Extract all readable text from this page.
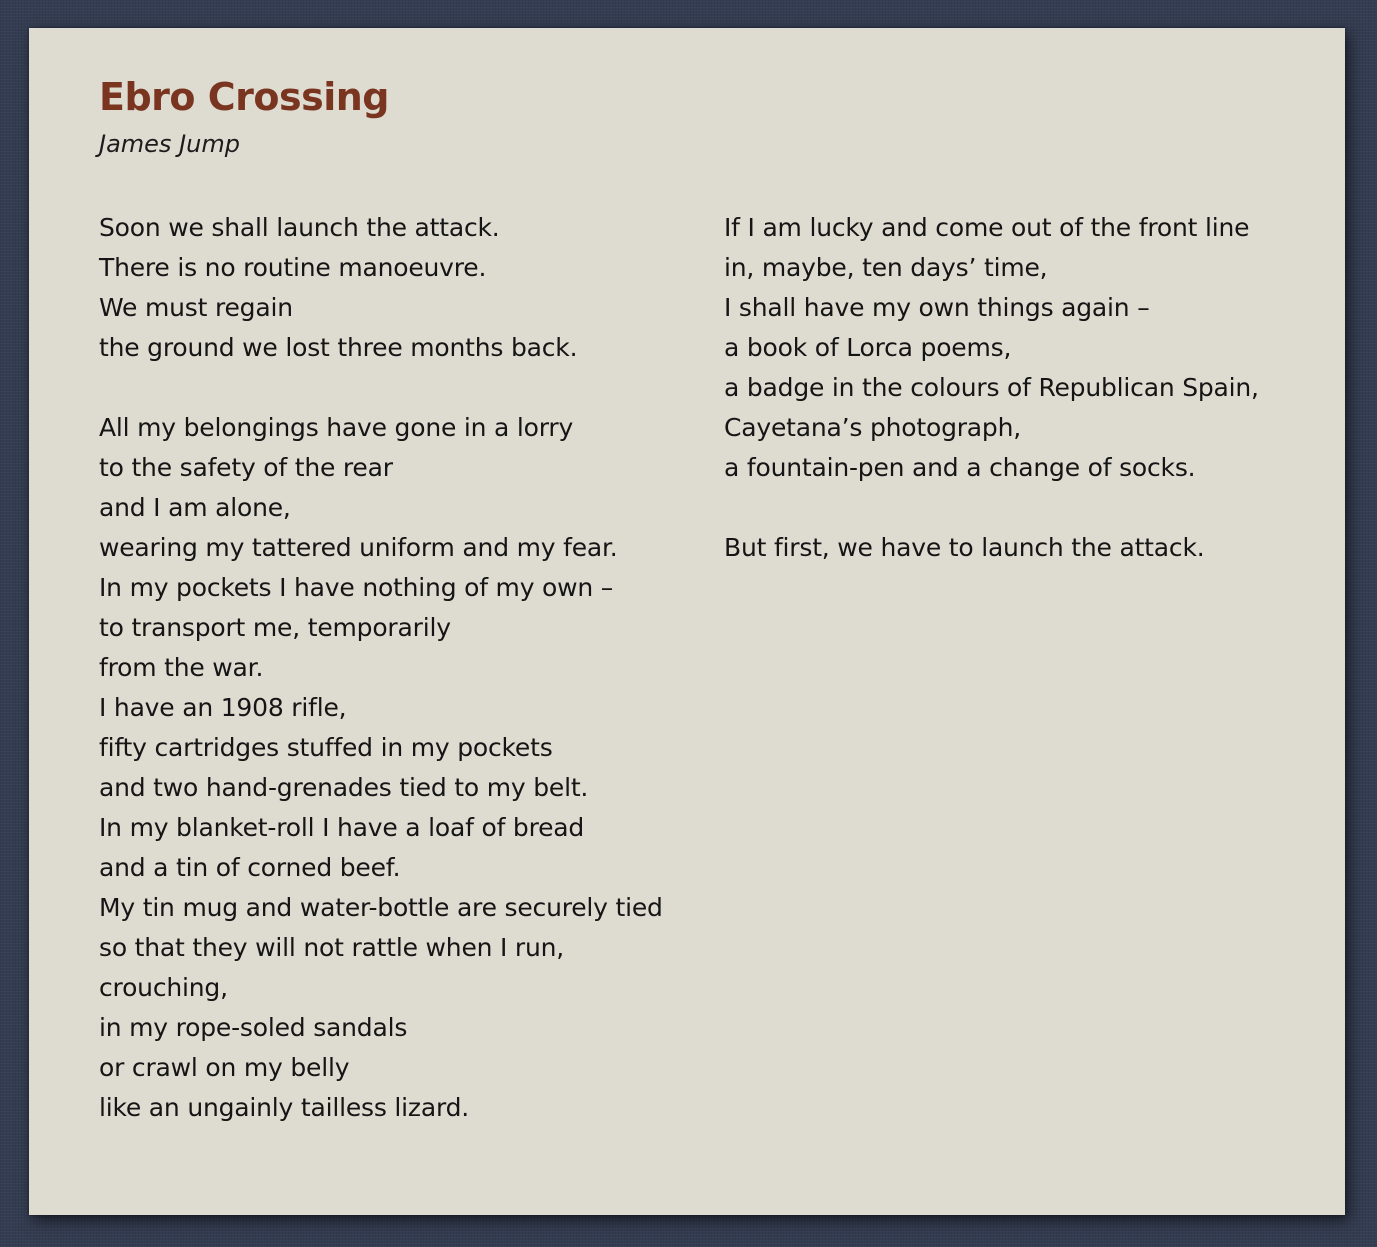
Ebro Crossing
James Jump
Soon we shall launch the attack.
There is no routine manoeuvre.
We must regain
the ground we lost three months back.
All my belongings have gone in a lorry
to the safety of the rear
and I am alone,
wearing my tattered uniform and my fear.
In my pockets I have nothing of my own –
to transport me, temporarily
from the war.
I have an 1908 rifle,
fifty cartridges stuffed in my pockets
and two hand-grenades tied to my belt.
In my blanket-roll I have a loaf of bread
and a tin of corned beef.
My tin mug and water-bottle are securely tied
so that they will not rattle when I run,
crouching,
in my rope-soled sandals
or crawl on my belly
like an ungainly tailless lizard.
If I am lucky and come out of the front line
in, maybe, ten days’ time,
I shall have my own things again –
a book of Lorca poems,
a badge in the colours of Republican Spain,
Cayetana’s photograph,
a fountain-pen and a change of socks.
But first, we have to launch the attack.
